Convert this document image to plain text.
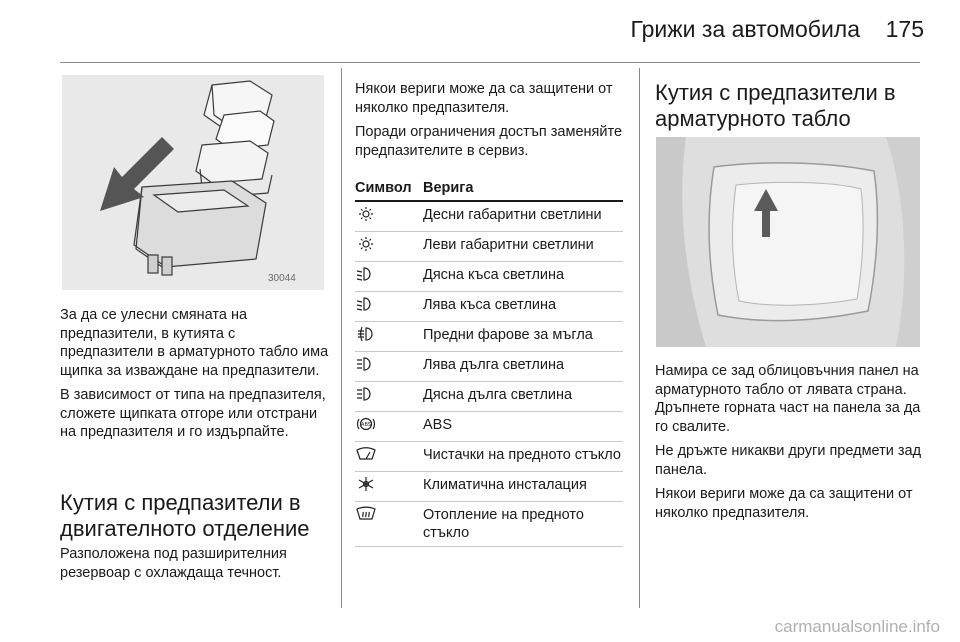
Грижи за автомобила	175
30044

За да се улесни смяната на предпазители, в кутията с предпазители в арматурното табло има щипка за изваждане на предпазители.

В зависимост от типа на предпазителя, сложете щипката отгоре или отстрани на предпазителя и го издърпайте.

Кутия с предпазители в двигателното отделение

Разположена под разширителния резервоар с охлаждаща течност.

Някои вериги може да са защитени от няколко предпазителя.

Поради ограничения достъп заменяйте предпазителите в сервиз.

Символ	Верига
	Десни габаритни светлини
	Леви габаритни светлини
	Дясна къса светлина
	Лява къса светлина
	Предни фарове за мъгла
	Лява дълга светлина
	Дясна дълга светлина

ABS	ABS
	Чистачки на предното стъкло
	Климатична инсталация
	Отопление на предното стъкло
Кутия с предпазители в арматурното табло

Намира се зад облицовъчния панел на арматурното табло от лявата страна. Дръпнете горната част на панела за да го свалите.

Не дръжте никакви други предмети зад панела.

Някои вериги може да са защитени от няколко предпазителя.

carmanualsonline.info
